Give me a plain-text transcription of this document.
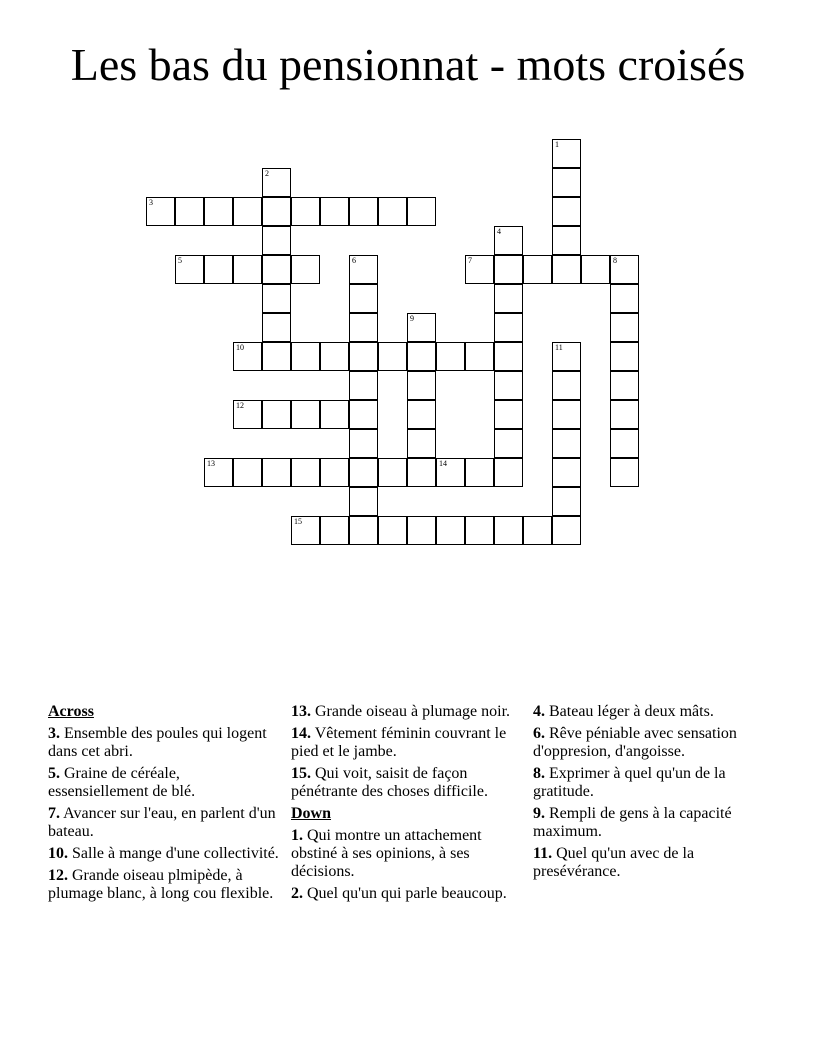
Les bas du pensionnat - mots croisés
3
5	7	8
10
12
13	14
15
1
2
4
6
9
11
Across
3. Ensemble des poules qui logent dans cet abri.
5. Graine de céréale, essensiellement de blé.
7. Avancer sur l'eau, en parlent d'un bateau.
10. Salle à mange d'une collectivité.
12. Grande oiseau plmipède, à plumage blanc, à long cou flexible.
13. Grande oiseau à plumage noir.
14. Vêtement féminin couvrant le pied et le jambe.
15. Qui voit, saisit de façon pénétrante des choses difficile.
Down
1. Qui montre un attachement obstiné à ses opinions, à ses décisions.
2. Quel qu'un qui parle beaucoup.
4. Bateau léger à deux mâts.
6. Rêve péniable avec sensation d'oppresion, d'angoisse.
8. Exprimer à quel qu'un de la gratitude.
9. Rempli de gens à la capacité maximum.
11. Quel qu'un avec de la presévérance.
